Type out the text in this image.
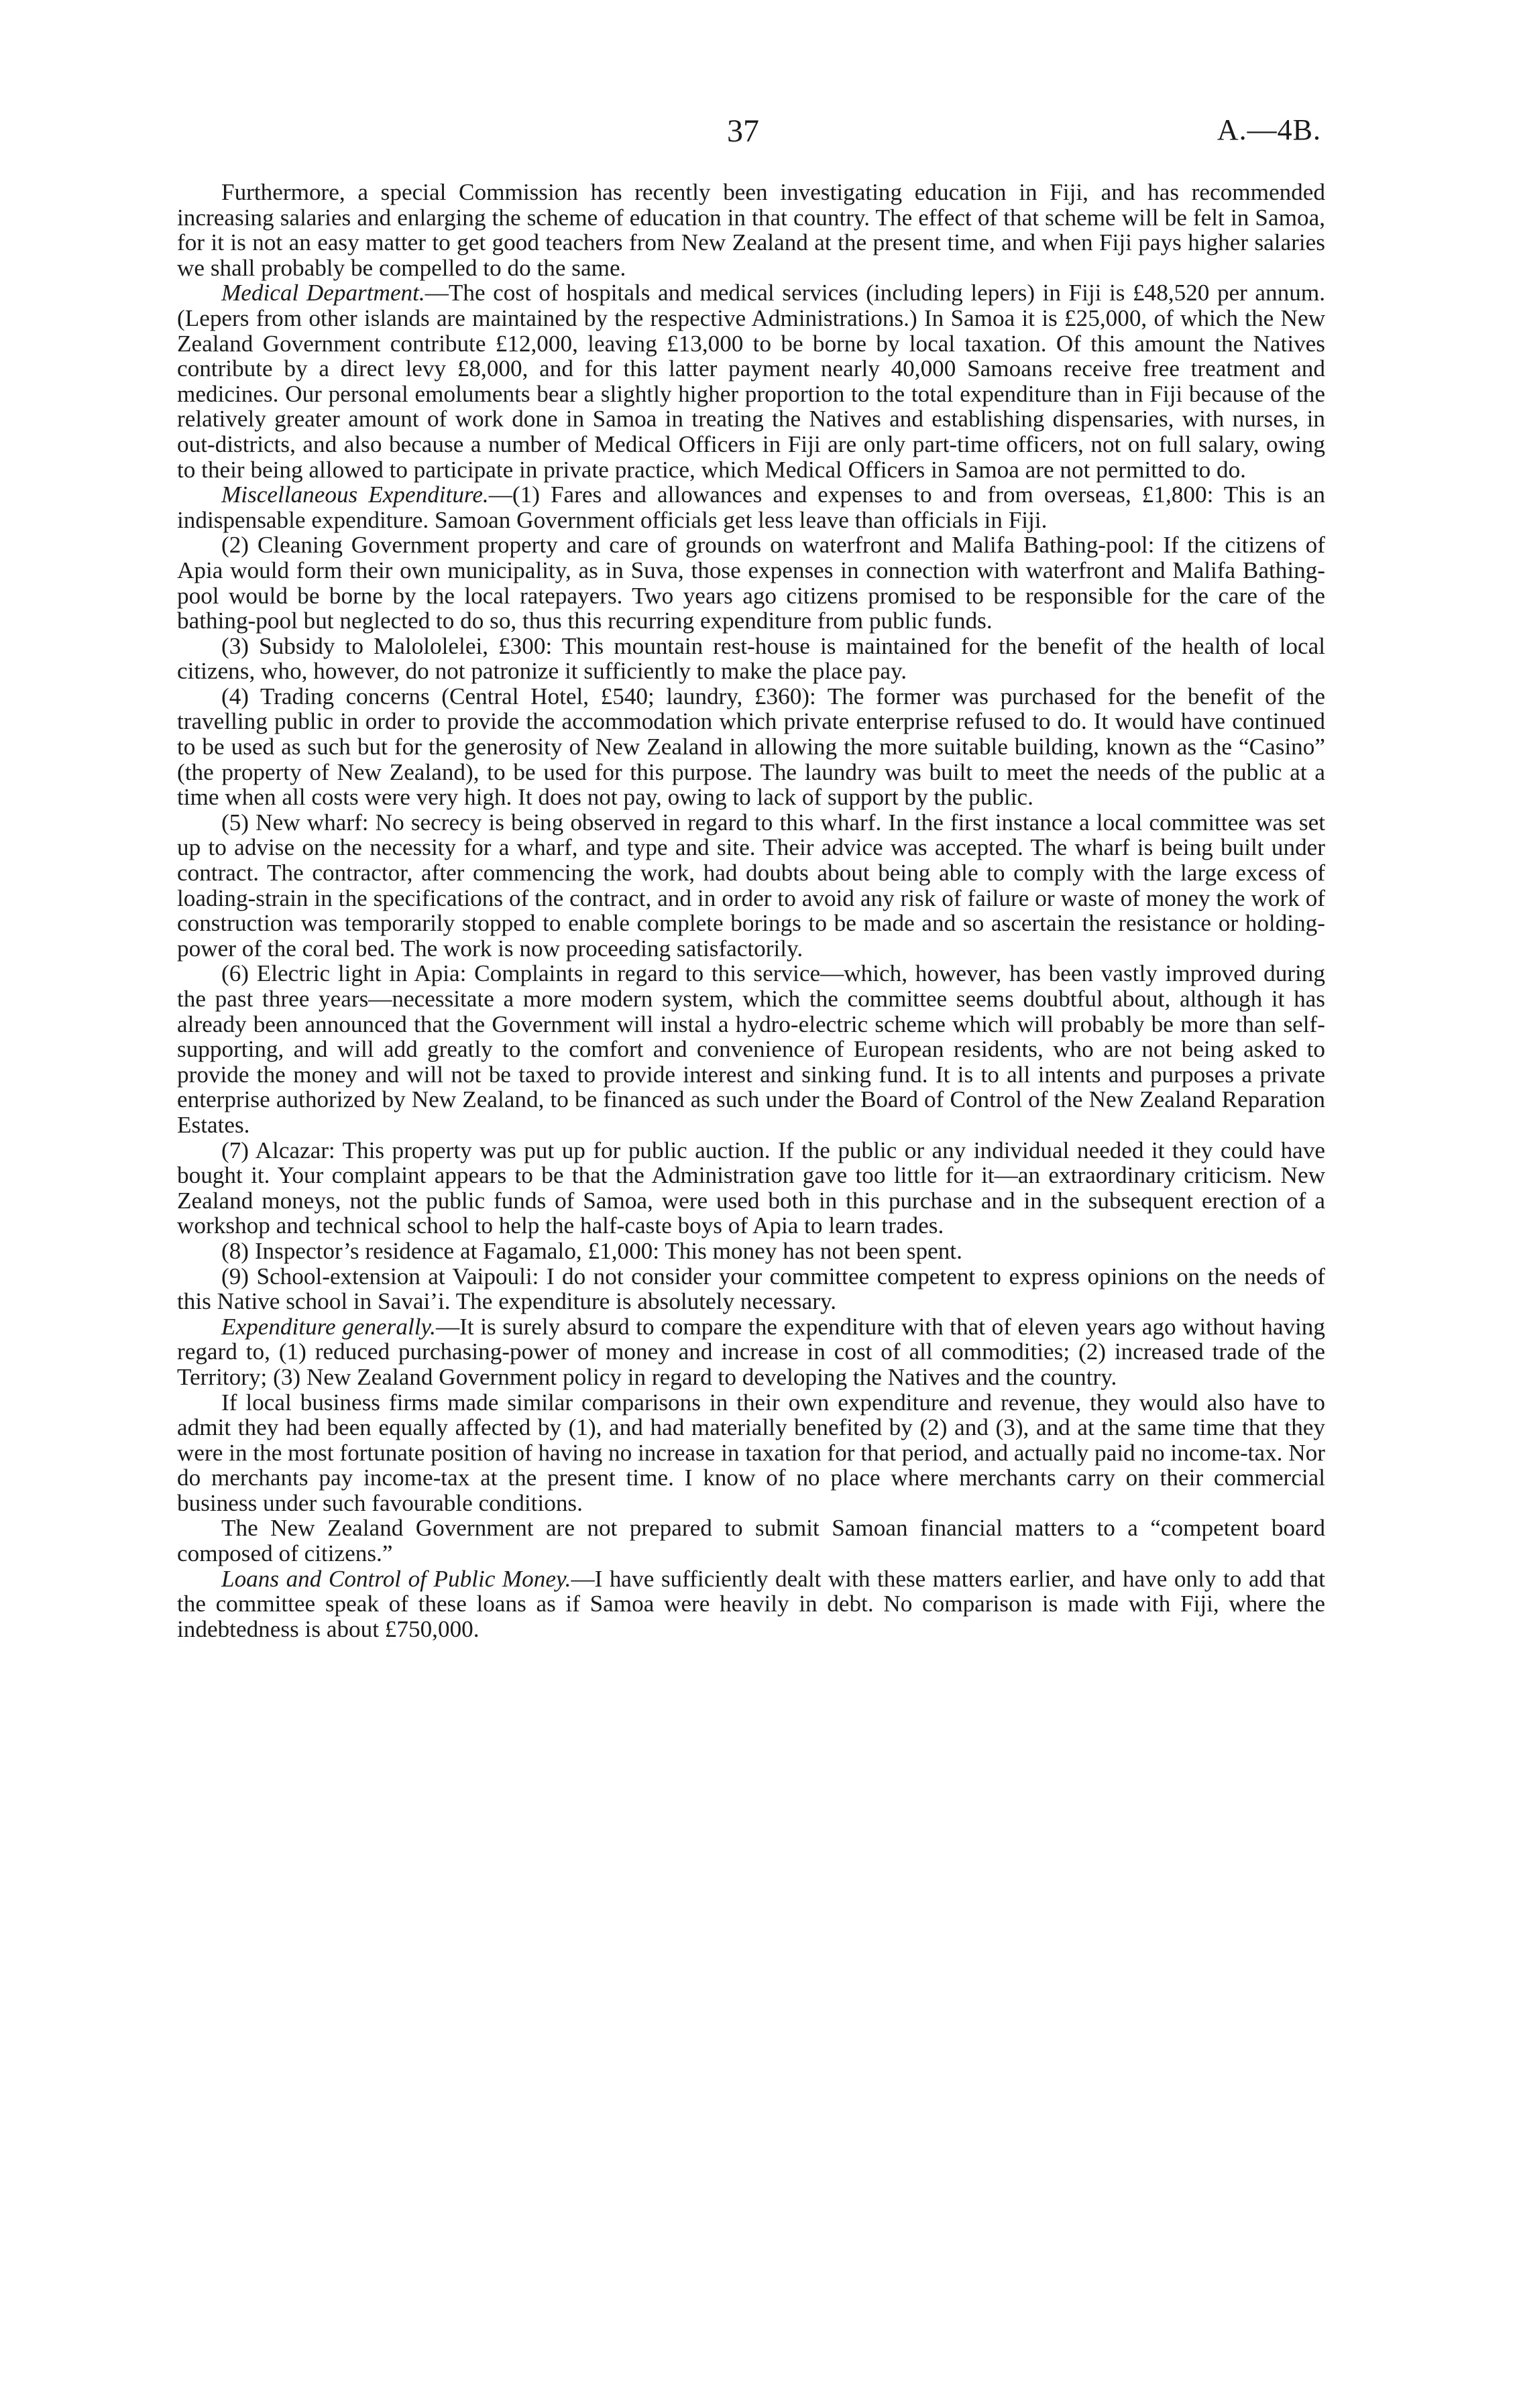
37	A.—4B.

Furthermore, a special Commission has recently been investigating education in Fiji, and has recommended increasing salaries and enlarging the scheme of education in that country. The effect of that scheme will be felt in Samoa, for it is not an easy matter to get good teachers from New Zealand at the present time, and when Fiji pays higher salaries we shall probably be compelled to do the same.

Medical Department.—The cost of hospitals and medical services (including lepers) in Fiji is £48,520 per annum. (Lepers from other islands are maintained by the respective Administrations.) In Samoa it is £25,000, of which the New Zealand Government contribute £12,000, leaving £13,000 to be borne by local taxation. Of this amount the Natives contribute by a direct levy £8,000, and for this latter payment nearly 40,000 Samoans receive free treatment and medicines. Our personal emoluments bear a slightly higher proportion to the total expenditure than in Fiji because of the relatively greater amount of work done in Samoa in treating the Natives and establishing dispensaries, with nurses, in out-districts, and also because a number of Medical Officers in Fiji are only part-time officers, not on full salary, owing to their being allowed to participate in private practice, which Medical Officers in Samoa are not permitted to do.

Miscellaneous Expenditure.—(1) Fares and allowances and expenses to and from overseas, £1,800: This is an indispensable expenditure. Samoan Government officials get less leave than officials in Fiji.

(2) Cleaning Government property and care of grounds on waterfront and Malifa Bathing-pool: If the citizens of Apia would form their own municipality, as in Suva, those expenses in connection with waterfront and Malifa Bathing-pool would be borne by the local ratepayers. Two years ago citizens promised to be responsible for the care of the bathing-pool but neglected to do so, thus this recurring expenditure from public funds.

(3) Subsidy to Malololelei, £300: This mountain rest-house is maintained for the benefit of the health of local citizens, who, however, do not patronize it sufficiently to make the place pay.

(4) Trading concerns (Central Hotel, £540; laundry, £360): The former was purchased for the benefit of the travelling public in order to provide the accommodation which private enterprise refused to do. It would have continued to be used as such but for the generosity of New Zealand in allowing the more suitable building, known as the “Casino” (the property of New Zealand), to be used for this purpose. The laundry was built to meet the needs of the public at a time when all costs were very high. It does not pay, owing to lack of support by the public.

(5) New wharf: No secrecy is being observed in regard to this wharf. In the first instance a local committee was set up to advise on the necessity for a wharf, and type and site. Their advice was accepted. The wharf is being built under contract. The contractor, after commencing the work, had doubts about being able to comply with the large excess of loading-strain in the specifications of the contract, and in order to avoid any risk of failure or waste of money the work of construction was temporarily stopped to enable complete borings to be made and so ascertain the resistance or holding-power of the coral bed. The work is now proceeding satisfactorily.

(6) Electric light in Apia: Complaints in regard to this service—which, however, has been vastly improved during the past three years—necessitate a more modern system, which the committee seems doubtful about, although it has already been announced that the Government will instal a hydro-electric scheme which will probably be more than self-supporting, and will add greatly to the comfort and convenience of European residents, who are not being asked to provide the money and will not be taxed to provide interest and sinking fund. It is to all intents and purposes a private enterprise authorized by New Zealand, to be financed as such under the Board of Control of the New Zealand Reparation Estates.

(7) Alcazar: This property was put up for public auction. If the public or any individual needed it they could have bought it. Your complaint appears to be that the Administration gave too little for it—an extraordinary criticism. New Zealand moneys, not the public funds of Samoa, were used both in this purchase and in the subsequent erection of a workshop and technical school to help the half-caste boys of Apia to learn trades.

(8) Inspector’s residence at Fagamalo, £1,000: This money has not been spent.

(9) School-extension at Vaipouli: I do not consider your committee competent to express opinions on the needs of this Native school in Savai’i. The expenditure is absolutely necessary.

Expenditure generally.—It is surely absurd to compare the expenditure with that of eleven years ago without having regard to, (1) reduced purchasing-power of money and increase in cost of all commodities; (2) increased trade of the Territory; (3) New Zealand Government policy in regard to developing the Natives and the country.

If local business firms made similar comparisons in their own expenditure and revenue, they would also have to admit they had been equally affected by (1), and had materially benefited by (2) and (3), and at the same time that they were in the most fortunate position of having no increase in taxation for that period, and actually paid no income-tax. Nor do merchants pay income-tax at the present time. I know of no place where merchants carry on their commercial business under such favourable conditions.

The New Zealand Government are not prepared to submit Samoan financial matters to a “competent board composed of citizens.”

Loans and Control of Public Money.—I have sufficiently dealt with these matters earlier, and have only to add that the committee speak of these loans as if Samoa were heavily in debt. No comparison is made with Fiji, where the indebtedness is about £750,000.
